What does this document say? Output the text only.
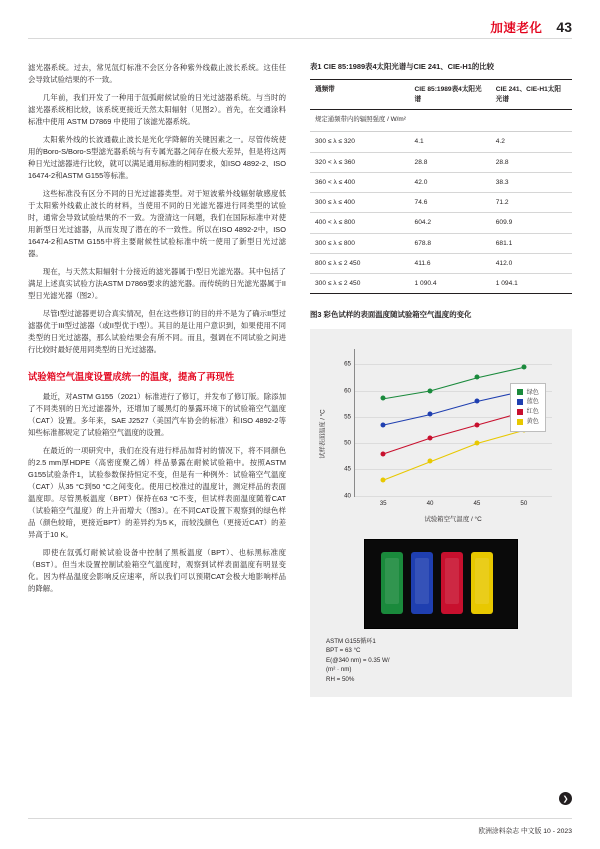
加速老化 43

滤光器系统。过去，常见氙灯标准不会区分各种紫外线截止波长系统。这佳任会导致试验结果的不一致。

几年前，我们开发了一种用于氙弧耐候试验的日光过滤器系统。与当时的滤光器系统相比较，该系统更接近天然太阳辐射（见图2）。首先，在交通涂料标准中使用 ASTM D7869 中使用了该滤光器系统。

太阳紫外线的长波通截止波长是光化学降解的关键因素之一。尽管传统使用的Boro-S/Boro-S型滤光器系统与有专属光器之间存在极大差异，但是将这两种日光过滤器进行比较，就可以满足通用标准的相同要求，如ISO 4892-2、ISO 16474-2和ASTM G155等标准。

这些标准没有区分不同的日光过滤器类型。对于短波紫外线辐射敏感度低于太阳紫外线截止波长的材料，当使用不同的日光滤光器进行同类型的试验时，通常会导致试验结果的不一致。为澄清这一问题，我们在国际标准中对使用新型日光过滤器，从而发现了潜在的不一致性。所以在ISO 4892-2中，ISO 16474-2和ASTM G155中将主要耐候性试验标准中统一使用了新型日光过滤器。

现在，与天然太阳辐射十分接近的滤光器属于I型日光滤光器。其中包括了满足上述真实试验方法ASTM D7869要求的滤光器。而传统的日光滤光器属于II型日光滤光器（图2）。

尽管I型过滤器更切合真实情况，但在这些修订的目的并不是为了确示II型过滤器优于III型过滤器（或II型优于I型）。其目的是让用户意识到，如果使用不同类型的日光过滤器，那么试验结果会有所不同。而且，强调在不同试验之间进行比较时最好使用同类型的日光过滤器。

试验箱空气温度设置成统一的温度，提高了再现性

最近，对ASTM G155（2021）标准进行了修订，并发布了修订版。除添加了不同类别的日光过滤器外，还增加了暖黑灯的暴露环境下的试验箱空气温度（CAT）设置。多年来，SAE J2527（美国汽车协会的标准）和ISO 4892-2等知些标准都规定了试验箱空气温度的设置。

在最近的一项研究中，我们在没有进行样品加背衬的情况下，将不同颜色的2.5 mm厚HDPE（高密度聚乙烯）样品暴露在耐候试验箱中。按照ASTM G155试验条件1，试验参数保持恒定不变，但是有一种例外：试验箱空气温度（CAT）从35 °C到50 °C之间变化。使用已校准过的温度计，测定样品的表面温度即。尽管黑板温度（BPT）保持在63 °C不变，但试样表面温度随着CAT（试验箱空气温度）的上升而增大（图3）。在不同CAT设置下观察到的绿色样品（颜色较暗，更接近BPT）的差异约为5 K，而较浅颜色（更接近CAT）的差异高于10 K。

即使在氙弧灯耐候试验设备中控制了黑板温度（BPT）、也标黑标准度（BST）。但当未设置控制试验箱空气温度时，观察到试样表面温度有明显变化。因为样品温度会影响反应速率，所以我们可以预期CAT会极大地影响样品的降解。

表1 CIE 85:1989表4太阳光谱与CIE 241、CIE-H1的比较
通频带	CIE 85:1989表4太阳光谱	CIE 241、CIE-H1太阳光谱
规定通频带内的辐照强度 / W/m²		
300 ≤ λ ≤ 320	4.1	4.2
320 < λ ≤ 360	28.8	28.8
360 < λ ≤ 400	42.0	38.3
300 ≤ λ ≤ 400	74.6	71.2
400 < λ ≤ 800	604.2	609.9
300 ≤ λ ≤ 800	678.8	681.1
800 ≤ λ ≤ 2 450	411.6	412.0
300 ≤ λ ≤ 2 450	1 090.4	1 094.1
图3 彩色试样的表面温度随试验箱空气温度的变化
试样表面温度 / °C
40
45
50
55
60
65
35	40	45	50
绿色
蓝色
红色
黄色
试验箱空气温度 / °C
ASTM G155循环1
BPT = 63 °C
E(@340 nm) = 0.35 W/
(m² · nm)
RH = 50%
❯
欧洲涂料杂志 中文版 10 - 2023
